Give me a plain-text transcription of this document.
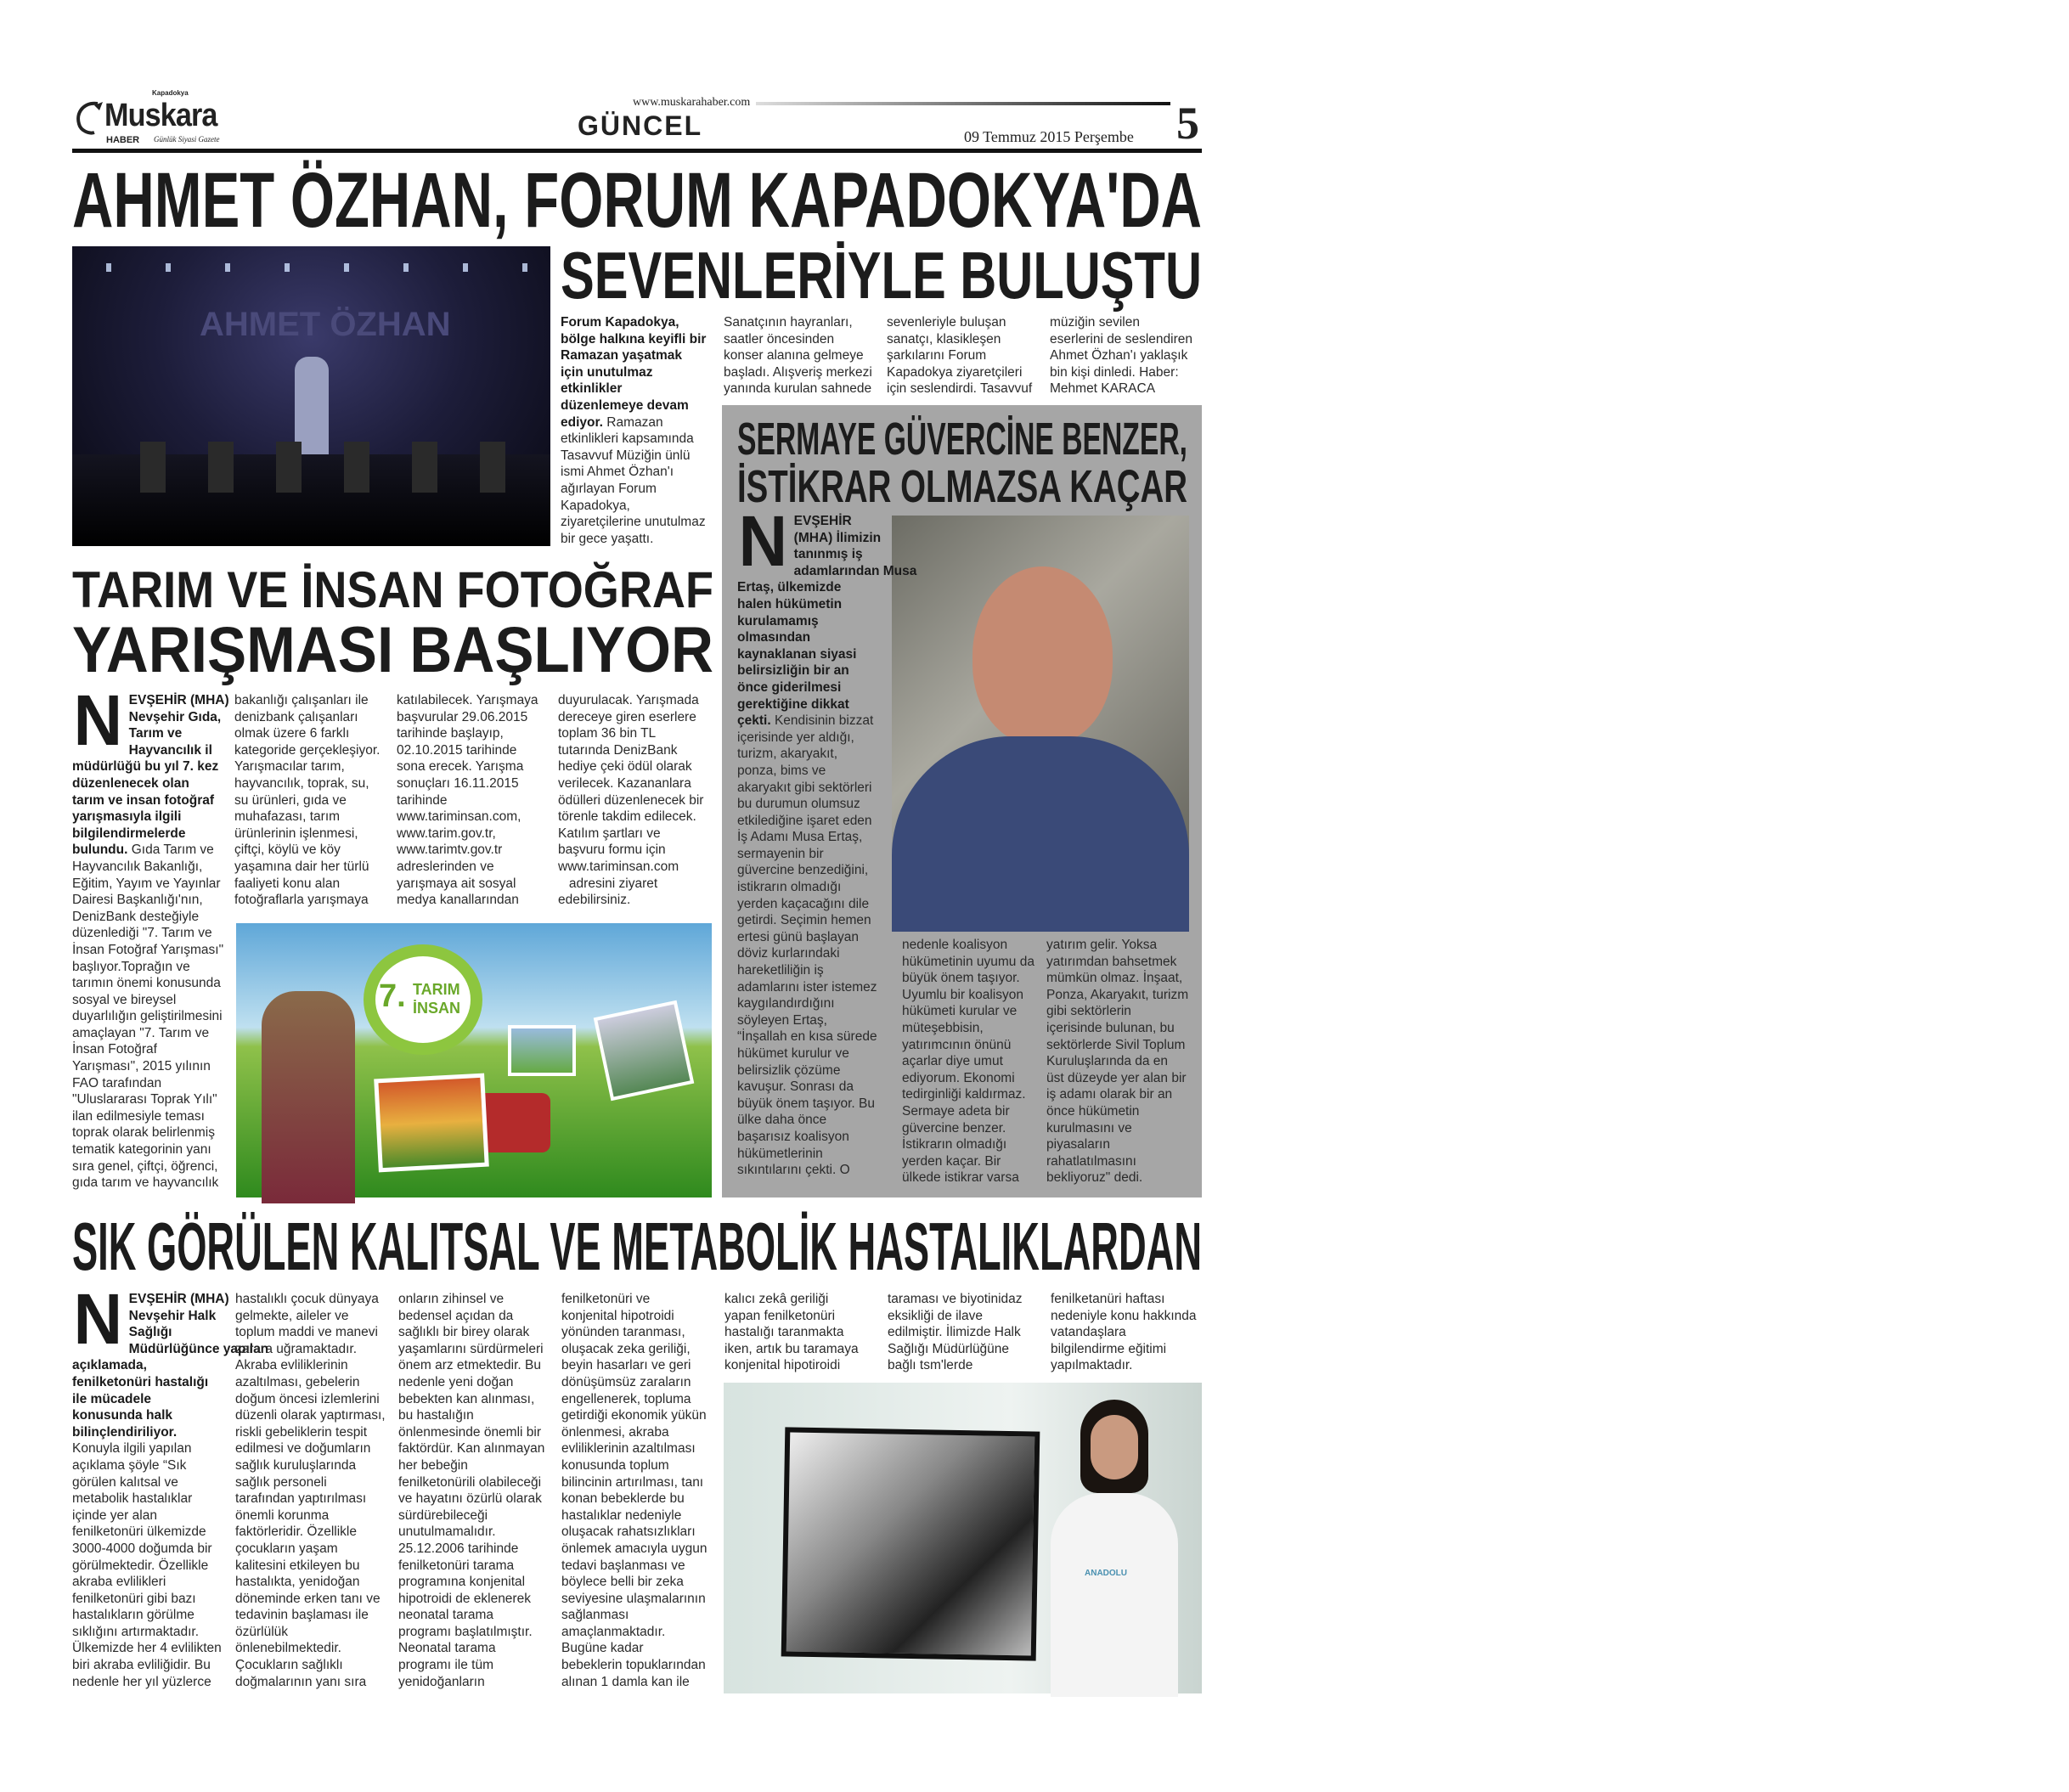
Kapadokya
Muskara
HABER Günlük Siyasi Gazete	GÜNCEL
www.muskarahaber.com
09 Temmuz 2015 Perşembe 5
AHMET ÖZHAN, FORUM KAPADOKYA'DA
SEVENLERİYLE BULUŞTU
AHMET ÖZHAN	Forum Kapadokya,
bölge halkına keyifli bir
Ramazan yaşatmak
için unutulmaz
etkinlikler
düzenlemeye devam
ediyor. Ramazan
etkinlikleri kapsamında
Tasavvuf Müziğin ünlü
ismi Ahmet Özhan'ı
ağırlayan Forum
Kapadokya,
ziyaretçilerine unutulmaz
bir gece yaşattı.
Sanatçının hayranları,
saatler öncesinden
konser alanına gelmeye
başladı. Alışveriş merkezi
yanında kurulan sahnede
sevenleriyle buluşan
sanatçı, klasikleşen
şarkılarını Forum
Kapadokya ziyaretçileri
için seslendirdi. Tasavvuf
müziğin sevilen
eserlerini de seslendiren
Ahmet Özhan'ı yaklaşık
bin kişi dinledi. Haber:
Mehmet KARACA
SERMAYE GÜVERCİNE BENZER,
İSTİKRAR OLMAZSA KAÇAR
NEVŞEHİR
(MHA) İlimizin
tanınmış iş
adamlarından Musa
Ertaş, ülkemizde
halen hükümetin
kurulamamış
olmasından
kaynaklanan siyasi
belirsizliğin bir an
önce giderilmesi
gerektiğine dikkat
çekti. Kendisinin bizzat
içerisinde yer aldığı,
turizm, akaryakıt,
ponza, bims ve
akaryakıt gibi sektörleri
bu durumun olumsuz
etkilediğine işaret eden
İş Adamı Musa Ertaş,
sermayenin bir
güvercine benzediğini,
istikrarın olmadığı
yerden kaçacağını dile
getirdi. Seçimin hemen
ertesi günü başlayan
döviz kurlarındaki
hareketliliğin iş
adamlarını ister istemez
kaygılandırdığını
söyleyen Ertaş,
“İnşallah en kısa sürede
hükümet kurulur ve
belirsizlik çözüme
kavuşur. Sonrası da
büyük önem taşıyor. Bu
ülke daha önce
başarısız koalisyon
hükümetlerinin
sıkıntılarını çekti. O
nedenle koalisyon
hükümetinin uyumu da
büyük önem taşıyor.
Uyumlu bir koalisyon
hükümeti kurular ve
müteşebbisin,
yatırımcının önünü
açarlar diye umut
ediyorum. Ekonomi
tedirginliği kaldırmaz.
Sermaye adeta bir
güvercine benzer.
İstikrarın olmadığı
yerden kaçar. Bir
ülkede istikrar varsa
yatırım gelir. Yoksa
yatırımdan bahsetmek
mümkün olmaz. İnşaat,
Ponza, Akaryakıt, turizm
gibi sektörlerin
içerisinde bulunan, bu
sektörlerde Sivil Toplum
Kuruluşlarında da en
üst düzeyde yer alan bir
iş adamı olarak bir an
önce hükümetin
kurulmasını ve
piyasaların
rahatlatılmasını
bekliyoruz" dedi.
TARIM VE İNSAN FOTOĞRAF
YARIŞMASI BAŞLIYOR
NEVŞEHİR (MHA)
Nevşehir Gıda,
Tarım ve
Hayvancılık il
müdürlüğü bu yıl 7. kez
düzenlenecek olan
tarım ve insan fotoğraf
yarışmasıyla ilgili
bilgilendirmelerde
bulundu. Gıda Tarım ve
Hayvancılık Bakanlığı,
Eğitim, Yayım ve Yayınlar
Dairesi Başkanlığı'nın,
DenizBank desteğiyle
düzenlediği "7. Tarım ve
İnsan Fotoğraf Yarışması"
başlıyor.Toprağın ve
tarımın önemi konusunda
sosyal ve bireysel
duyarlılığın geliştirilmesini
amaçlayan "7. Tarım ve
İnsan Fotoğraf
Yarışması", 2015 yılının
FAO tarafından
"Uluslararası Toprak Yılı"
ilan edilmesiyle teması
toprak olarak belirlenmiş
tematik kategorinin yanı
sıra genel, çiftçi, öğrenci,
gıda tarım ve hayvancılık
bakanlığı çalışanları ile
denizbank çalışanları
olmak üzere 6 farklı
kategoride gerçekleşiyor.
Yarışmacılar tarım,
hayvancılık, toprak, su,
su ürünleri, gıda ve
muhafazası, tarım
ürünlerinin işlenmesi,
çiftçi, köylü ve köy
yaşamına dair her türlü
faaliyeti konu alan
fotoğraflarla yarışmaya
katılabilecek. Yarışmaya
başvurular 29.06.2015
tarihinde başlayıp,
02.10.2015 tarihinde
sona erecek. Yarışma
sonuçları 16.11.2015
tarihinde
www.tariminsan.com,
www.tarim.gov.tr,
www.tarimtv.gov.tr
adreslerinden ve
yarışmaya ait sosyal
medya kanallarından
duyurulacak. Yarışmada
dereceye giren eserlere
toplam 36 bin TL
tutarında DenizBank
hediye çeki ödül olarak
verilecek. Kazananlara
ödülleri düzenlenecek bir
törenle takdim edilecek.
Katılım şartları ve
başvuru formu için
www.tariminsan.com
adresini ziyaret
edebilirsiniz.
7. TARIM
İNSAN
SIK GÖRÜLEN KALITSAL VE METABOLİK HASTALIKLARDAN
NEVŞEHİR (MHA)
Nevşehir Halk
Sağlığı
Müdürlüğünce yapılan
açıklamada,
fenilketonüri hastalığı
ile mücadele
konusunda halk
bilinçlendiriliyor.
Konuyla ilgili yapılan
açıklama şöyle “Sık
görülen kalıtsal ve
metabolik hastalıklar
içinde yer alan
fenilketonüri ülkemizde
3000-4000 doğumda bir
görülmektedir. Özellikle
akraba evlilikleri
fenilketonüri gibi bazı
hastalıkların görülme
sıklığını artırmaktadır.
Ülkemizde her 4 evlilikten
biri akraba evliliğidir. Bu
nedenle her yıl yüzlerce
hastalıklı çocuk dünyaya
gelmekte, aileler ve
toplum maddi ve manevi
zarara uğramaktadır.
Akraba evliliklerinin
azaltılması, gebelerin
doğum öncesi izlemlerini
düzenli olarak yaptırması,
riskli gebeliklerin tespit
edilmesi ve doğumların
sağlık kuruluşlarında
sağlık personeli
tarafından yaptırılması
önemli korunma
faktörleridir. Özellikle
çocukların yaşam
kalitesini etkileyen bu
hastalıkta, yenidoğan
döneminde erken tanı ve
tedavinin başlaması ile
özürlülük
önlenebilmektedir.
Çocukların sağlıklı
doğmalarının yanı sıra
onların zihinsel ve
bedensel açıdan da
sağlıklı bir birey olarak
yaşamlarını sürdürmeleri
önem arz etmektedir. Bu
nedenle yeni doğan
bebekten kan alınması,
bu hastalığın
önlenmesinde önemli bir
faktördür. Kan alınmayan
her bebeğin
fenilketonürili olabileceği
ve hayatını özürlü olarak
sürdürebileceği
unutulmamalıdır.
25.12.2006 tarihinde
fenilketonüri tarama
programına konjenital
hipotroidi de eklenerek
neonatal tarama
programı başlatılmıştır.
Neonatal tarama
programı ile tüm
yenidoğanların
fenilketonüri ve
konjenital hipotroidi
yönünden taranması,
oluşacak zeka geriliği,
beyin hasarları ve geri
dönüşümsüz zaraların
engellenerek, topluma
getirdiği ekonomik yükün
önlenmesi, akraba
evliliklerinin azaltılması
konusunda toplum
bilincinin artırılması, tanı
konan bebeklerde bu
hastalıklar nedeniyle
oluşacak rahatsızlıkları
önlemek amacıyla uygun
tedavi başlanması ve
böylece belli bir zeka
seviyesine ulaşmalarının
sağlanması
amaçlanmaktadır.
Bugüne kadar
bebeklerin topuklarından
alınan 1 damla kan ile
kalıcı zekâ geriliği
yapan fenilketonüri
hastalığı taranmakta
iken, artık bu taramaya
konjenital hipotiroidi
taraması ve biyotinidaz
eksikliği de ilave
edilmiştir. İlimizde Halk
Sağlığı Müdürlüğüne
bağlı tsm'lerde
fenilketanüri haftası
nedeniyle konu hakkında
vatandaşlara
bilgilendirme eğitimi
yapılmaktadır.
ANADOLU
